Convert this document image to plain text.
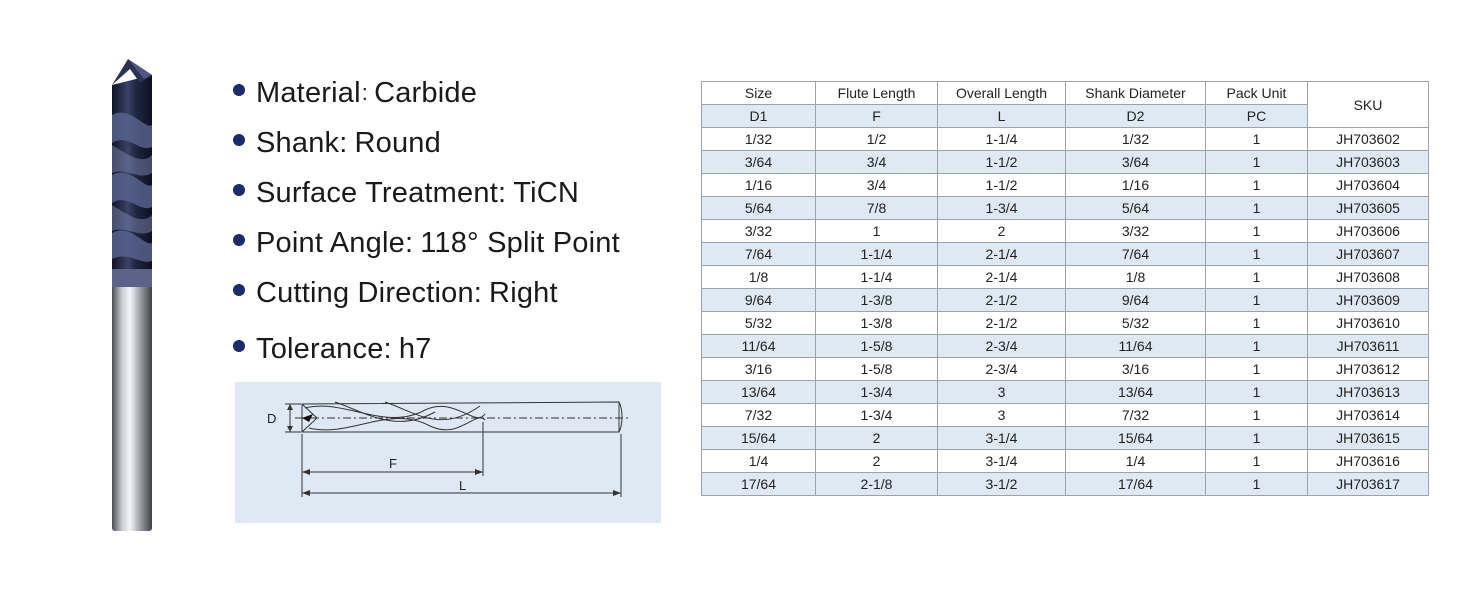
Material : Carbide
Shank : Round
Surface Treatment : TiCN
Point Angle : 118° Split Point
Cutting Direction : Right
Tolerance : h7
D
F
L
Size	Flute Length	Overall Length	Shank Diameter	Pack Unit	SKU
D1	F	L	D2	PC	
1/32	1/2	1-1/4	1/32	1	JH703602
3/64	3/4	1-1/2	3/64	1	JH703603
1/16	3/4	1-1/2	1/16	1	JH703604
5/64	7/8	1-3/4	5/64	1	JH703605
3/32	1	2	3/32	1	JH703606
7/64	1-1/4	2-1/4	7/64	1	JH703607
1/8	1-1/4	2-1/4	1/8	1	JH703608
9/64	1-3/8	2-1/2	9/64	1	JH703609
5/32	1-3/8	2-1/2	5/32	1	JH703610
11/64	1-5/8	2-3/4	11/64	1	JH703611
3/16	1-5/8	2-3/4	3/16	1	JH703612
13/64	1-3/4	3	13/64	1	JH703613
7/32	1-3/4	3	7/32	1	JH703614
15/64	2	3-1/4	15/64	1	JH703615
1/4	2	3-1/4	1/4	1	JH703616
17/64	2-1/8	3-1/2	17/64	1	JH703617
